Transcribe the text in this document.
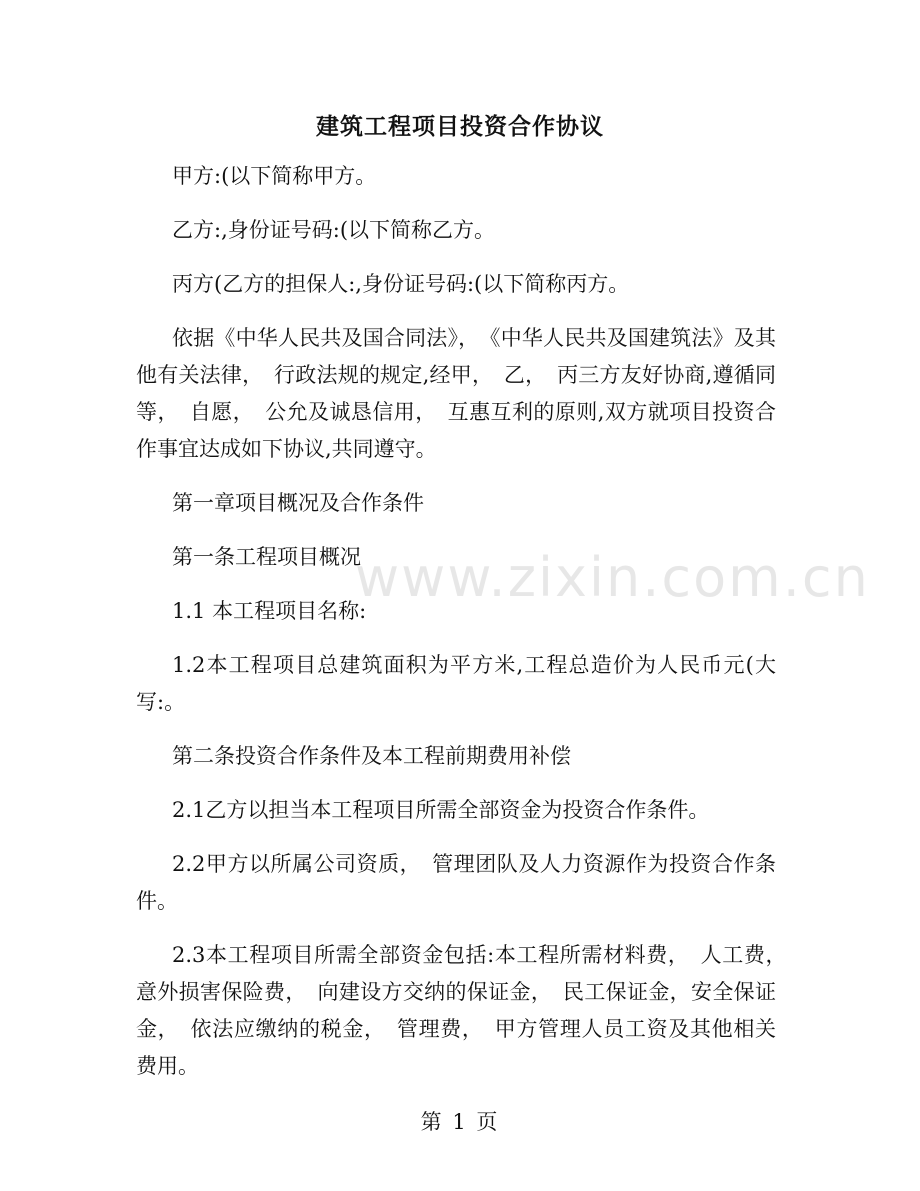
建筑工程项目投资合作协议

甲方:(以下简称甲方。

乙方:,身份证号码:(以下简称乙方。

丙方(乙方的担保人:,身份证号码:(以下简称丙方。

依据《中华人民共及国合同法》，　《中华人民共及国建筑法》及其他有关法律，　行政法规的规定,经甲，　乙，　丙三方友好协商,遵循同等，　自愿，　公允及诚恳信用，　互惠互利的原则,双方就项目投资合作事宜达成如下协议,共同遵守。

第一章项目概况及合作条件

第一条工程项目概况

1.1 本工程项目名称:

1.2本工程项目总建筑面积为平方米,工程总造价为人民币元(大写:。

第二条投资合作条件及本工程前期费用补偿

2.1乙方以担当本工程项目所需全部资金为投资合作条件。

2.2甲方以所属公司资质，　管理团队及人力资源作为投资合作条件。

2.3本工程项目所需全部资金包括:本工程所需材料费，　人工费，　意外损害保险费，　向建设方交纳的保证金，　民工保证金，安全保证金，　依法应缴纳的税金，　管理费，　甲方管理人员工资及其他相关费用。

www.zixin.com.cn
第 1 页
